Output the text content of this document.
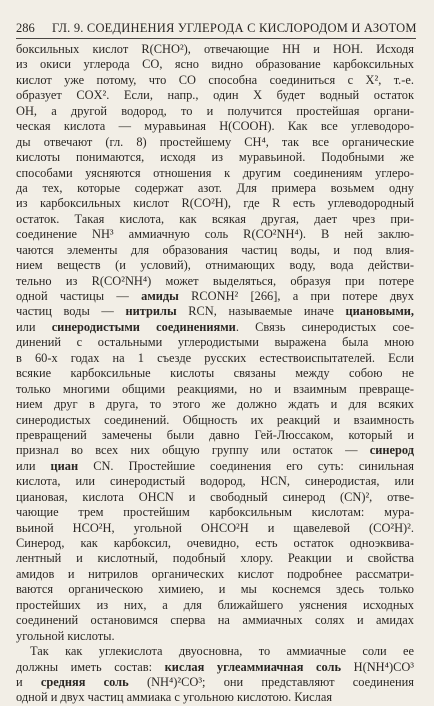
286 ГЛ. 9. СОЕДИНЕНИЯ УГЛЕРОДА С КИСЛОРОДОМ И АЗОТОМ
боксильных кислот R(CHO²), отвечающие HH и HOH. Исходя
из окиси углерода CO, ясно видно образование карбоксильных
кислот уже потому, что CO способна соединиться с X², т.-е.
образует COX². Если, напр., один X будет водный остаток
OH, а другой водород, то и получится простейшая органи-
ческая кислота — муравьиная H(COOH). Как все углеводоро-
ды отвечают (гл. 8) простейшему CH⁴, так все органические
кислоты понимаются, исходя из муравьиной. Подобными же
способами уясняются отношения к другим соединениям углеро-
да тех, которые содержат азот. Для примера возьмем одну
из карбоксильных кислот R(CO²H), где R есть углеводородный
остаток. Такая кислота, как всякая другая, дает чрез при-
соединение NH³ аммиачную соль R(CO²NH⁴). В ней заклю-
чаются элементы для образования частиц воды, и под влия-
нием веществ (и условий), отнимающих воду, вода действи-
тельно из R(CO²NH⁴) может выделяться, образуя при потере
одной частицы — амиды RCONH² [266], а при потере двух
частиц воды — нитрилы RCN, называемые иначе циановыми,
или синеродистыми соединениями. Связь синеродистых сое-
динений с остальными углеродистыми выражена была мною
в 60-х годах на 1 съезде русских естествоиспытателей. Если
всякие карбоксильные кислоты связаны между собою не
только многими общими реакциями, но и взаимным превраще-
нием друг в друга, то этого же должно ждать и для всяких
синеродистых соединений. Общность их реакций и взаимность
превращений замечены были давно Гей-Люссаком, который и
признал во всех них общую группу или остаток — синерод
или циан CN. Простейшие соединения его суть: синильная
кислота, или синеродистый водород, HCN, синеродистая, или
циановая, кислота OHCN и свободный синерод (CN)², отве-
чающие трем простейшим карбоксильным кислотам: мура-
вьиной HCO²H, угольной OHCO²H и щавелевой (CO²H)².
Синерод, как карбоксил, очевидно, есть остаток одноэквива-
лентный и кислотный, подобный хлору. Реакции и свойства
амидов и нитрилов органических кислот подробнее рассматри-
ваются органическою химиею, и мы коснемся здесь только
простейших из них, а для ближайшего уяснения исходных
соединений остановимся сперва на аммиачных солях и амидах
угольной кислоты.
Так как углекислота двуосновна, то аммиачные соли ее
должны иметь состав: кислая углеаммиачная соль H(NH⁴)CO³
и средняя соль (NH⁴)²CO³; они представляют соединения
одной и двух частиц аммиака с угольною кислотою. Кислая
